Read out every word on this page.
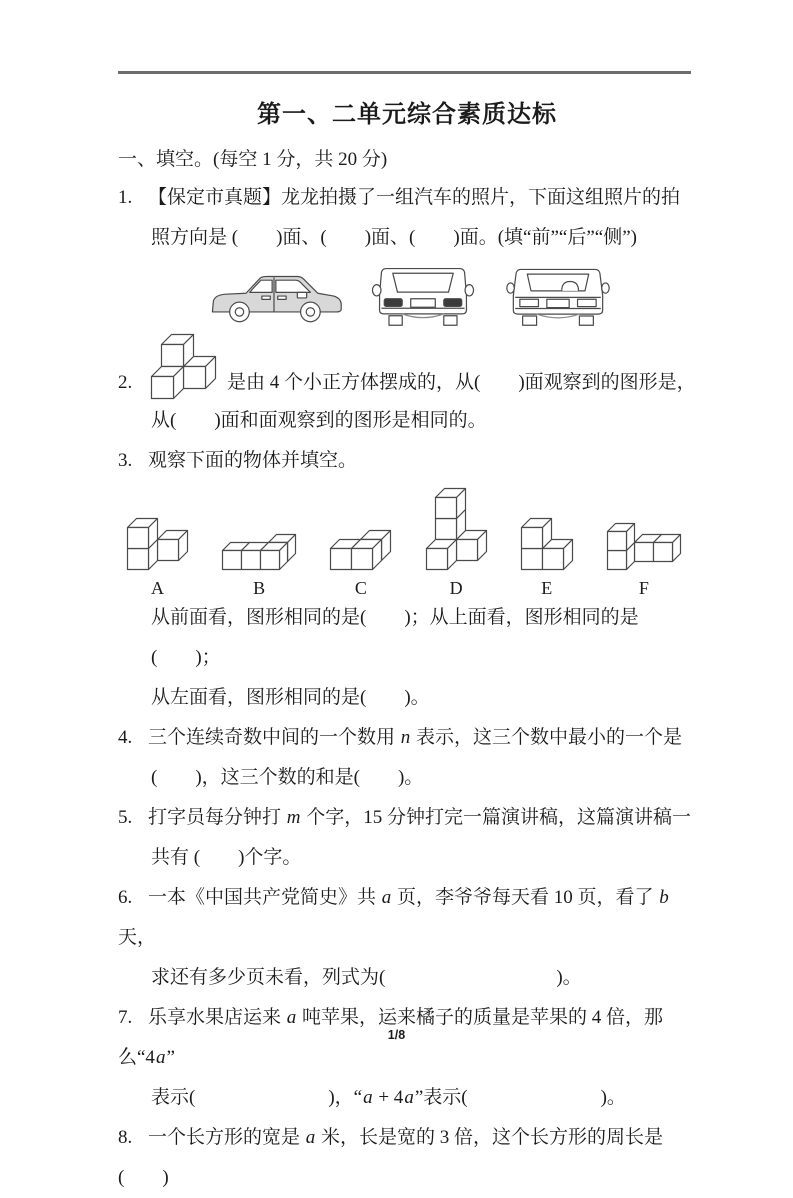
第一、二单元综合素质达标
一、填空。(每空 1 分，共 20 分)
1. 【保定市真题】龙龙拍摄了一组汽车的照片，下面这组照片的拍
照方向是 (　　)面、(　　)面、(　　)面。(填“前”“后”“侧”)
2.	是由 4 个小正方体摆成的，从(　　)面观察到的图形是，
从(　　)面和面观察到的图形是相同的。
3. 观察下面的物体并填空。
A	B	C	D	E	F
从前面看，图形相同的是(　　)；从上面看，图形相同的是(　　)；
从左面看，图形相同的是(　　)。
4. 三个连续奇数中间的一个数用 n 表示，这三个数中最小的一个是
(　　)，这三个数的和是(　　)。
5. 打字员每分钟打 m 个字，15 分钟打完一篇演讲稿，这篇演讲稿一
共有 (　　)个字。
6. 一本《中国共产党简史》共 a 页，李爷爷每天看 10 页，看了 b 天，
求还有多少页未看，列式为(　　　　　　　　　)。
7. 乐享水果店运来 a 吨苹果，运来橘子的质量是苹果的 4 倍，那么“4a”
表示(　　　　　　　)，“a + 4a”表示(　　　　　　　)。
8. 一个长方形的宽是 a 米，长是宽的 3 倍，这个长方形的周长是(　　)
1/8
